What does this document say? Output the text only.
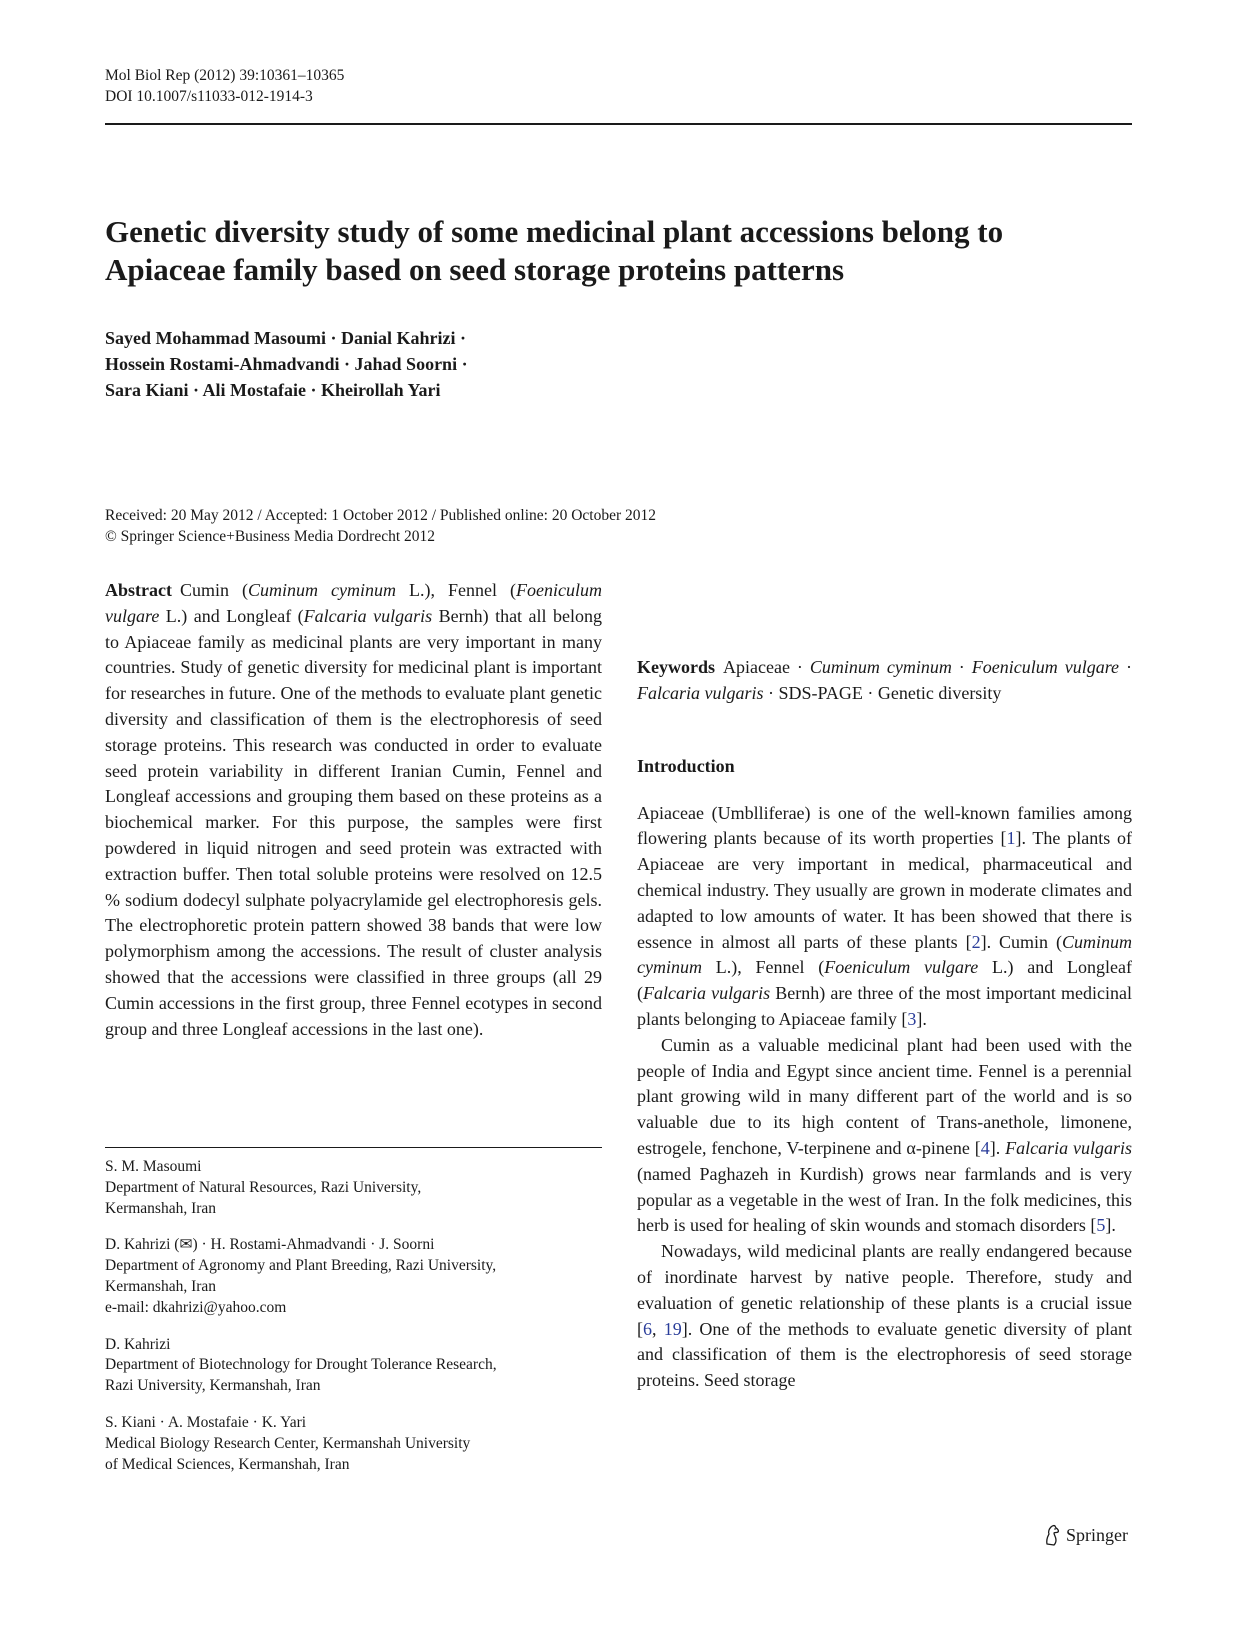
Mol Biol Rep (2012) 39:10361–10365
DOI 10.1007/s11033-012-1914-3
Genetic diversity study of some medicinal plant accessions belong to Apiaceae family based on seed storage proteins patterns
Sayed Mohammad Masoumi · Danial Kahrizi ·
Hossein Rostami-Ahmadvandi · Jahad Soorni ·
Sara Kiani · Ali Mostafaie · Kheirollah Yari
Received: 20 May 2012 / Accepted: 1 October 2012 / Published online: 20 October 2012
© Springer Science+Business Media Dordrecht 2012

Abstract Cumin (Cuminum cyminum L.), Fennel (Foeniculum vulgare L.) and Longleaf (Falcaria vulgaris Bernh) that all belong to Apiaceae family as medicinal plants are very important in many countries. Study of genetic diversity for medicinal plant is important for researches in future. One of the methods to evaluate plant genetic diversity and classification of them is the electrophoresis of seed storage proteins. This research was conducted in order to evaluate seed protein variability in different Iranian Cumin, Fennel and Longleaf accessions and grouping them based on these proteins as a biochemical marker. For this purpose, the samples were first powdered in liquid nitrogen and seed protein was extracted with extraction buffer. Then total soluble proteins were resolved on 12.5 % sodium dodecyl sulphate polyacrylamide gel electrophoresis gels. The electrophoretic protein pattern showed 38 bands that were low polymorphism among the accessions. The result of cluster analysis showed that the accessions were classified in three groups (all 29 Cumin accessions in the first group, three Fennel ecotypes in second group and three Longleaf accessions in the last one).

S. M. Masoumi
Department of Natural Resources, Razi University,
Kermanshah, Iran
D. Kahrizi (✉) · H. Rostami-Ahmadvandi · J. Soorni
Department of Agronomy and Plant Breeding, Razi University,
Kermanshah, Iran
e-mail: dkahrizi@yahoo.com
D. Kahrizi
Department of Biotechnology for Drought Tolerance Research,
Razi University, Kermanshah, Iran
S. Kiani · A. Mostafaie · K. Yari
Medical Biology Research Center, Kermanshah University
of Medical Sciences, Kermanshah, Iran

Keywords Apiaceae · Cuminum cyminum · Foeniculum vulgare · Falcaria vulgaris · SDS-PAGE · Genetic diversity

Introduction

Apiaceae (Umblliferae) is one of the well-known families among flowering plants because of its worth properties [1]. The plants of Apiaceae are very important in medical, pharmaceutical and chemical industry. They usually are grown in moderate climates and adapted to low amounts of water. It has been showed that there is essence in almost all parts of these plants [2]. Cumin (Cuminum cyminum L.), Fennel (Foeniculum vulgare L.) and Longleaf (Falcaria vulgaris Bernh) are three of the most important medicinal plants belonging to Apiaceae family [3].

Cumin as a valuable medicinal plant had been used with the people of India and Egypt since ancient time. Fennel is a perennial plant growing wild in many different part of the world and is so valuable due to its high content of Trans-anethole, limonene, estrogele, fenchone, V-terpinene and α-pinene [4]. Falcaria vulgaris (named Paghazeh in Kurdish) grows near farmlands and is very popular as a vegetable in the west of Iran. In the folk medicines, this herb is used for healing of skin wounds and stomach disorders [5].

Nowadays, wild medicinal plants are really endangered because of inordinate harvest by native people. Therefore, study and evaluation of genetic relationship of these plants is a crucial issue [6, 19]. One of the methods to evaluate genetic diversity of plant and classification of them is the electrophoresis of seed storage proteins. Seed storage

Springer
